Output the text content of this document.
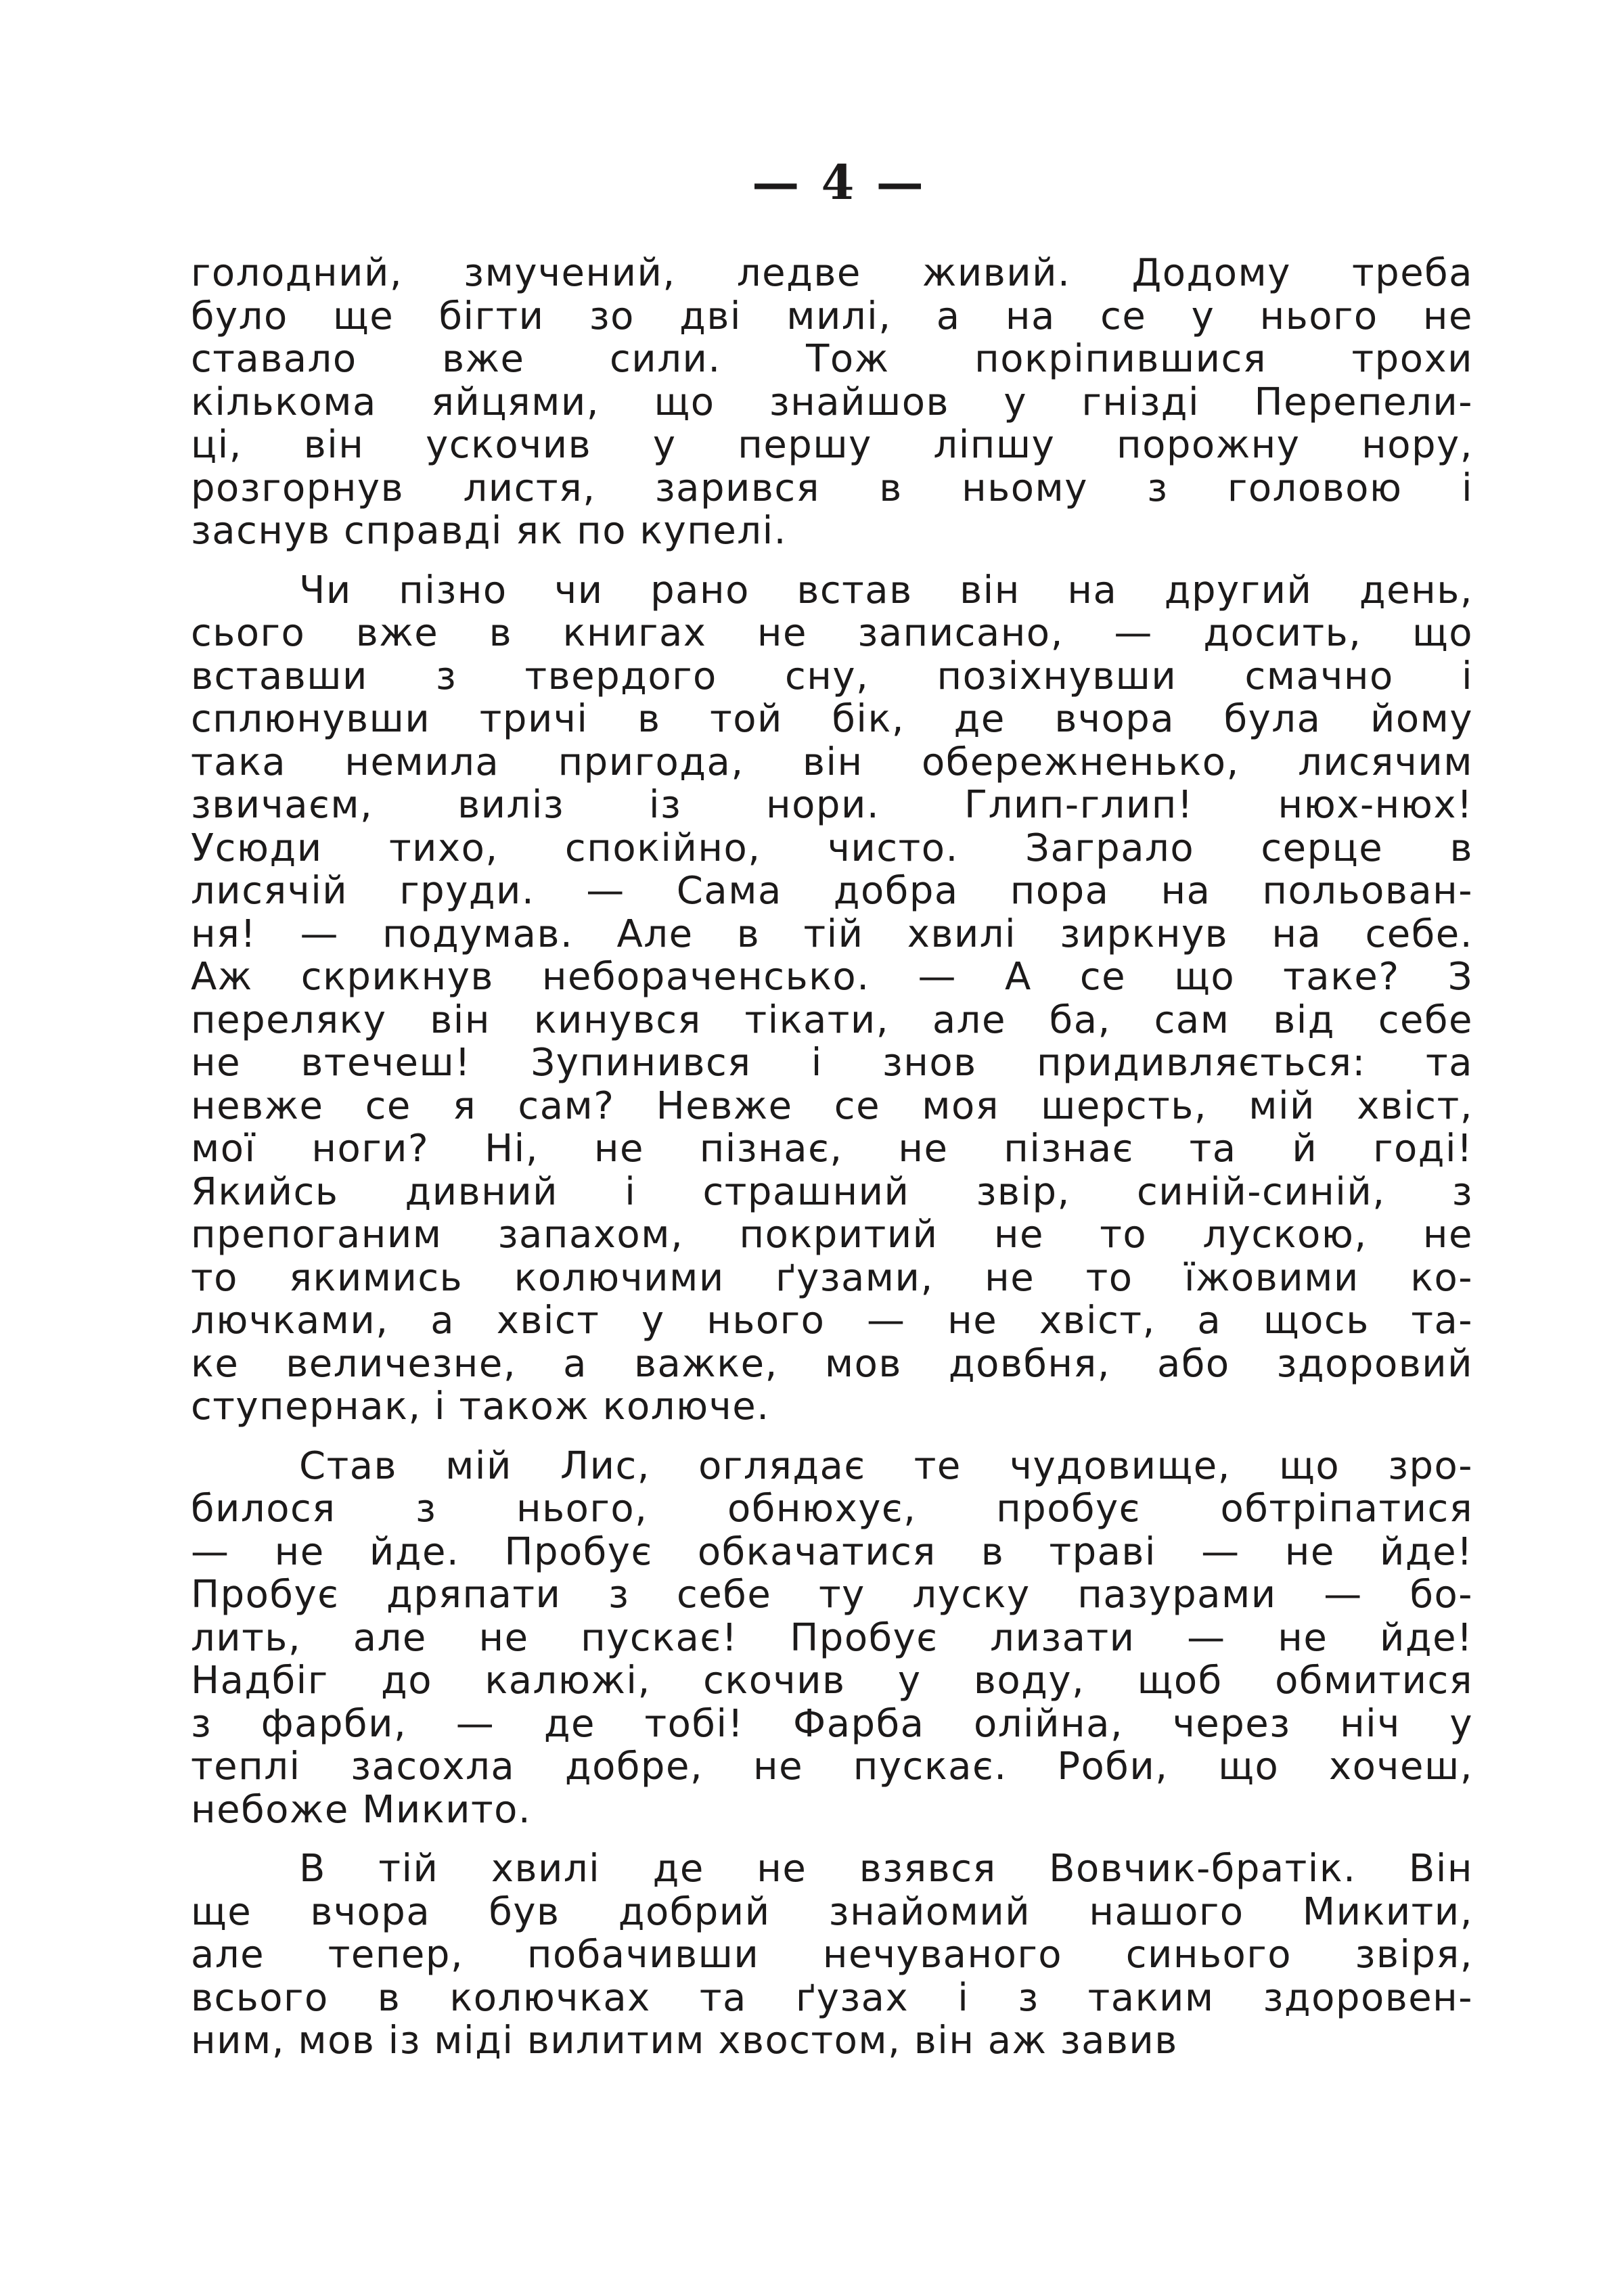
— 4 —
голодний, змучений, ледве живий. Додому треба
було ще бігти зо дві милі, а на се у нього не
ставало вже сили. Тож покріпившися трохи
кількома яйцями, що знайшов у гнізді Перепели-
ці, він ускочив у першу ліпшу порожну нору,
розгорнув листя, зарився в ньому з головою і
заснув справді як по купелі.
Чи пізно чи рано встав він на другий день,
сього вже в книгах не записано, — досить, що
вставши з твердого сну, позіхнувши смачно і
сплюнувши тричі в той бік, де вчора була йому
така немила пригода, він обережненько, лисячим
звичаєм, виліз із нори. Глип-глип! нюх-нюх!
Усюди тихо, спокійно, чисто. Заграло серце в
лисячій груди. — Сама добра пора на польован-
ня! — подумав. Але в тій хвилі зиркнув на себе.
Аж скрикнув небораченсько. — А се що таке? З
переляку він кинувся тікати, але ба, сам від себе
не втечеш! Зупинився і знов придивляється: та
невже се я сам? Невже се моя шерсть, мій хвіст,
мої ноги? Ні, не пізнає, не пізнає та й годі!
Якийсь дивний і страшний звір, синій-синій, з
препоганим запахом, покритий не то лускою, не
то якимись колючими ґузами, не то їжовими ко-
лючками, а хвіст у нього — не хвіст, а щось та-
ке величезне, а важке, мов довбня, або здоровий
ступернак, і також колюче.
Став мій Лис, оглядає те чудовище, що зро-
билося з нього, обнюхує, пробує обтріпатися
— не йде. Пробує обкачатися в траві — не йде!
Пробує дряпати з себе ту луску пазурами — бо-
лить, але не пускає! Пробує лизати — не йде!
Надбіг до калюжі, скочив у воду, щоб обмитися
з фарби, — де тобі! Фарба олійна, через ніч у
теплі засохла добре, не пускає. Роби, що хочеш,
небоже Микито.
В тій хвилі де не взявся Вовчик-братік. Він
ще вчора був добрий знайомий нашого Микити,
але тепер, побачивши нечуваного синього звіря,
всього в колючках та ґузах і з таким здоровен-
ним, мов із міді вилитим хвостом, він аж завив
